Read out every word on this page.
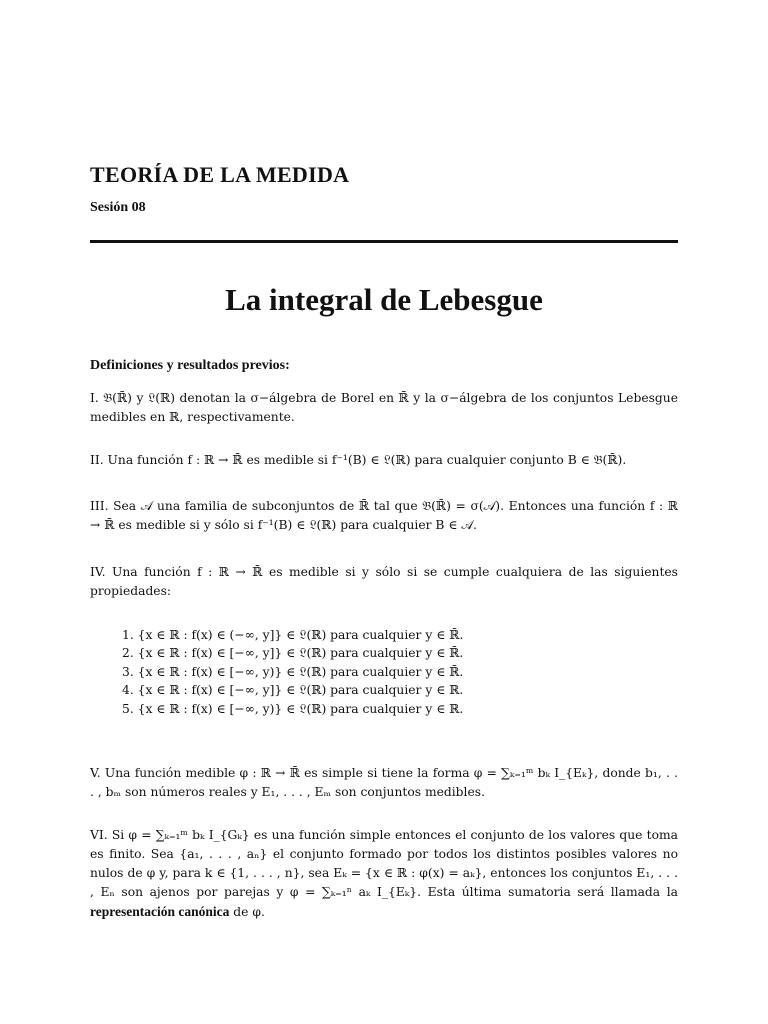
TEORÍA DE LA MEDIDA
Sesión 08
La integral de Lebesgue
Definiciones y resultados previos:
I. 𝔅(ℝ̄) y 𝔏(ℝ) denotan la σ−álgebra de Borel en ℝ̄ y la σ−álgebra de los conjuntos Lebesgue medibles en ℝ, respectivamente.
II. Una función f : ℝ → ℝ̄ es medible si f⁻¹(B) ∈ 𝔏(ℝ) para cualquier conjunto B ∈ 𝔅(ℝ̄).
III. Sea 𝒜 una familia de subconjuntos de ℝ̄ tal que 𝔅(ℝ̄) = σ(𝒜). Entonces una función f : ℝ → ℝ̄ es medible si y sólo si f⁻¹(B) ∈ 𝔏(ℝ) para cualquier B ∈ 𝒜.
IV. Una función f : ℝ → ℝ̄ es medible si y sólo si se cumple cualquiera de las siguientes propiedades:
1. {x ∈ ℝ : f(x) ∈ (−∞, y]} ∈ 𝔏(ℝ) para cualquier y ∈ ℝ̄.
2. {x ∈ ℝ : f(x) ∈ [−∞, y]} ∈ 𝔏(ℝ) para cualquier y ∈ ℝ̄.
3. {x ∈ ℝ : f(x) ∈ [−∞, y)} ∈ 𝔏(ℝ) para cualquier y ∈ ℝ̄.
4. {x ∈ ℝ : f(x) ∈ [−∞, y]} ∈ 𝔏(ℝ) para cualquier y ∈ ℝ.
5. {x ∈ ℝ : f(x) ∈ [−∞, y)} ∈ 𝔏(ℝ) para cualquier y ∈ ℝ.
V. Una función medible φ : ℝ → ℝ̄ es simple si tiene la forma φ = ∑ₖ₌₁ᵐ bₖ I_{Eₖ}, donde b₁, . . . , bₘ son números reales y E₁, . . . , Eₘ son conjuntos medibles.
VI. Si φ = ∑ₖ₌₁ᵐ bₖ I_{Gₖ} es una función simple entonces el conjunto de los valores que toma es finito. Sea {a₁, . . . , aₙ} el conjunto formado por todos los distintos posibles valores no nulos de φ y, para k ∈ {1, . . . , n}, sea Eₖ = {x ∈ ℝ : φ(x) = aₖ}, entonces los conjuntos E₁, . . . , Eₙ son ajenos por parejas y φ = ∑ₖ₌₁ⁿ aₖ I_{Eₖ}. Esta última sumatoria será llamada la representación canónica de φ.
